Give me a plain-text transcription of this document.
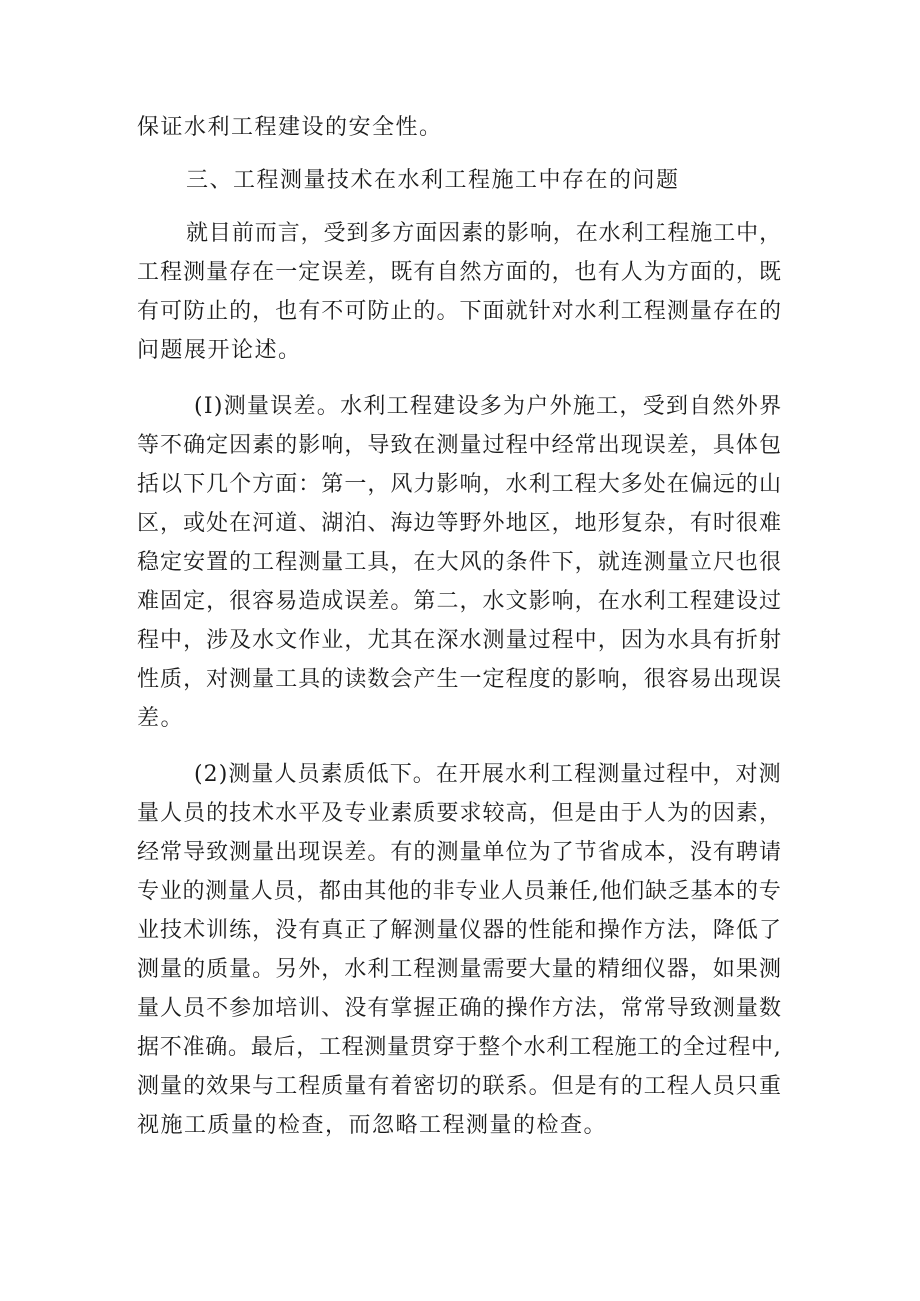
保证水利工程建设的安全性。
三、工程测量技术在水利工程施工中存在的问题
就目前而言，受到多方面因素的影响，在水利工程施工中，
工程测量存在一定误差，既有自然方面的，也有人为方面的，既
有可防止的，也有不可防止的。下面就针对水利工程测量存在的
问题展开论述。
(I)测量误差。水利工程建设多为户外施工，受到自然外界
等不确定因素的影响，导致在测量过程中经常出现误差，具体包
括以下几个方面：第一，风力影响，水利工程大多处在偏远的山
区，或处在河道、湖泊、海边等野外地区，地形复杂，有时很难
稳定安置的工程测量工具，在大风的条件下，就连测量立尺也很
难固定，很容易造成误差。第二，水文影响，在水利工程建设过
程中，涉及水文作业，尤其在深水测量过程中，因为水具有折射
性质，对测量工具的读数会产生一定程度的影响，很容易出现误
差。
(2)测量人员素质低下。在开展水利工程测量过程中，对测
量人员的技术水平及专业素质要求较高，但是由于人为的因素，
经常导致测量出现误差。有的测量单位为了节省成本，没有聘请
专业的测量人员，都由其他的非专业人员兼任,他们缺乏基本的专
业技术训练，没有真正了解测量仪器的性能和操作方法，降低了
测量的质量。另外，水利工程测量需要大量的精细仪器，如果测
量人员不参加培训、没有掌握正确的操作方法，常常导致测量数
据不准确。最后，工程测量贯穿于整个水利工程施工的全过程中,
测量的效果与工程质量有着密切的联系。但是有的工程人员只重
视施工质量的检查，而忽略工程测量的检查。
